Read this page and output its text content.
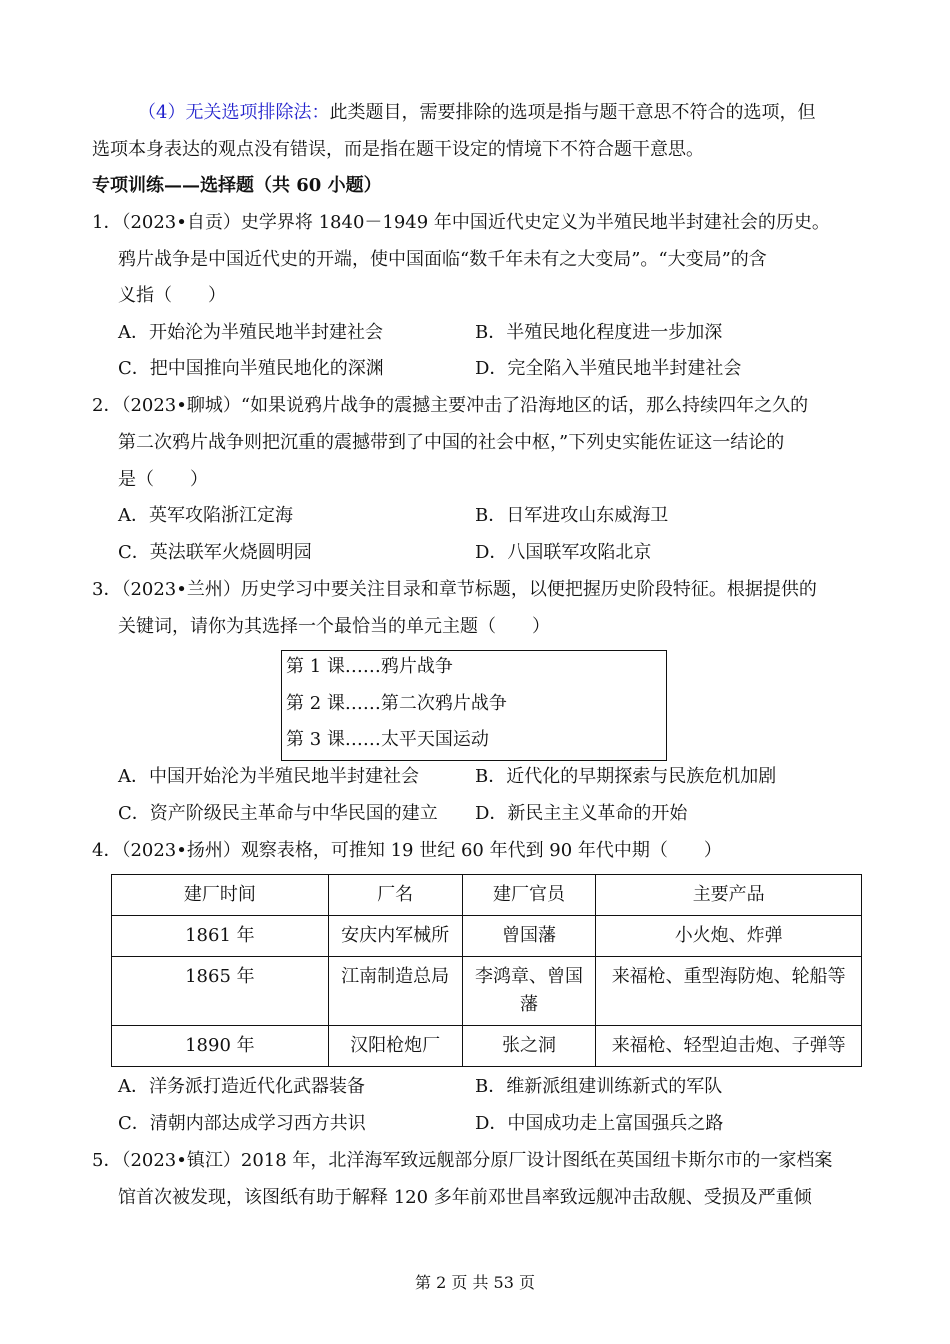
（4）无关选项排除法：此类题目，需要排除的选项是指与题干意思不符合的选项，但
选项本身表达的观点没有错误，而是指在题干设定的情境下不符合题干意思。
专项训练——选择题（共 60 小题）
1．（2023•自贡）史学界将 1840－1949 年中国近代史定义为半殖民地半封建社会的历史。
鸦片战争是中国近代史的开端，使中国面临“数千年未有之大变局”。“大变局”的含
义指（　　）
A．开始沦为半殖民地半封建社会	B．半殖民地化程度进一步加深
C．把中国推向半殖民地化的深渊	D．完全陷入半殖民地半封建社会
2．（2023•聊城）“如果说鸦片战争的震撼主要冲击了沿海地区的话，那么持续四年之久的
第二次鸦片战争则把沉重的震撼带到了中国的社会中枢，”下列史实能佐证这一结论的
是（　　）
A．英军攻陷浙江定海	B．日军进攻山东威海卫
C．英法联军火烧圆明园	D．八国联军攻陷北京
3．（2023•兰州）历史学习中要关注目录和章节标题，以便把握历史阶段特征。根据提供的
关键词，请你为其选择一个最恰当的单元主题（　　）
第 1 课……鸦片战争
第 2 课……第二次鸦片战争
第 3 课……太平天国运动
A．中国开始沦为半殖民地半封建社会	B．近代化的早期探索与民族危机加剧
C．资产阶级民主革命与中华民国的建立 D．新民主主义革命的开始
4．（2023•扬州）观察表格，可推知 19 世纪 60 年代到 90 年代中期（　　）
建厂时间	厂名	建厂官员	主要产品
1861 年	安庆内军械所	曾国藩	小火炮、炸弹
1865 年	江南制造总局	李鸿章、曾国藩	来福枪、重型海防炮、轮船等
1890 年	汉阳枪炮厂	张之洞	来福枪、轻型迫击炮、子弹等
A．洋务派打造近代化武器装备	B．维新派组建训练新式的军队
C．清朝内部达成学习西方共识	D．中国成功走上富国强兵之路
5．（2023•镇江）2018 年，北洋海军致远舰部分原厂设计图纸在英国纽卡斯尔市的一家档案
馆首次被发现，该图纸有助于解释 120 多年前邓世昌率致远舰冲击敌舰、受损及严重倾
第 2 页 共 53 页
